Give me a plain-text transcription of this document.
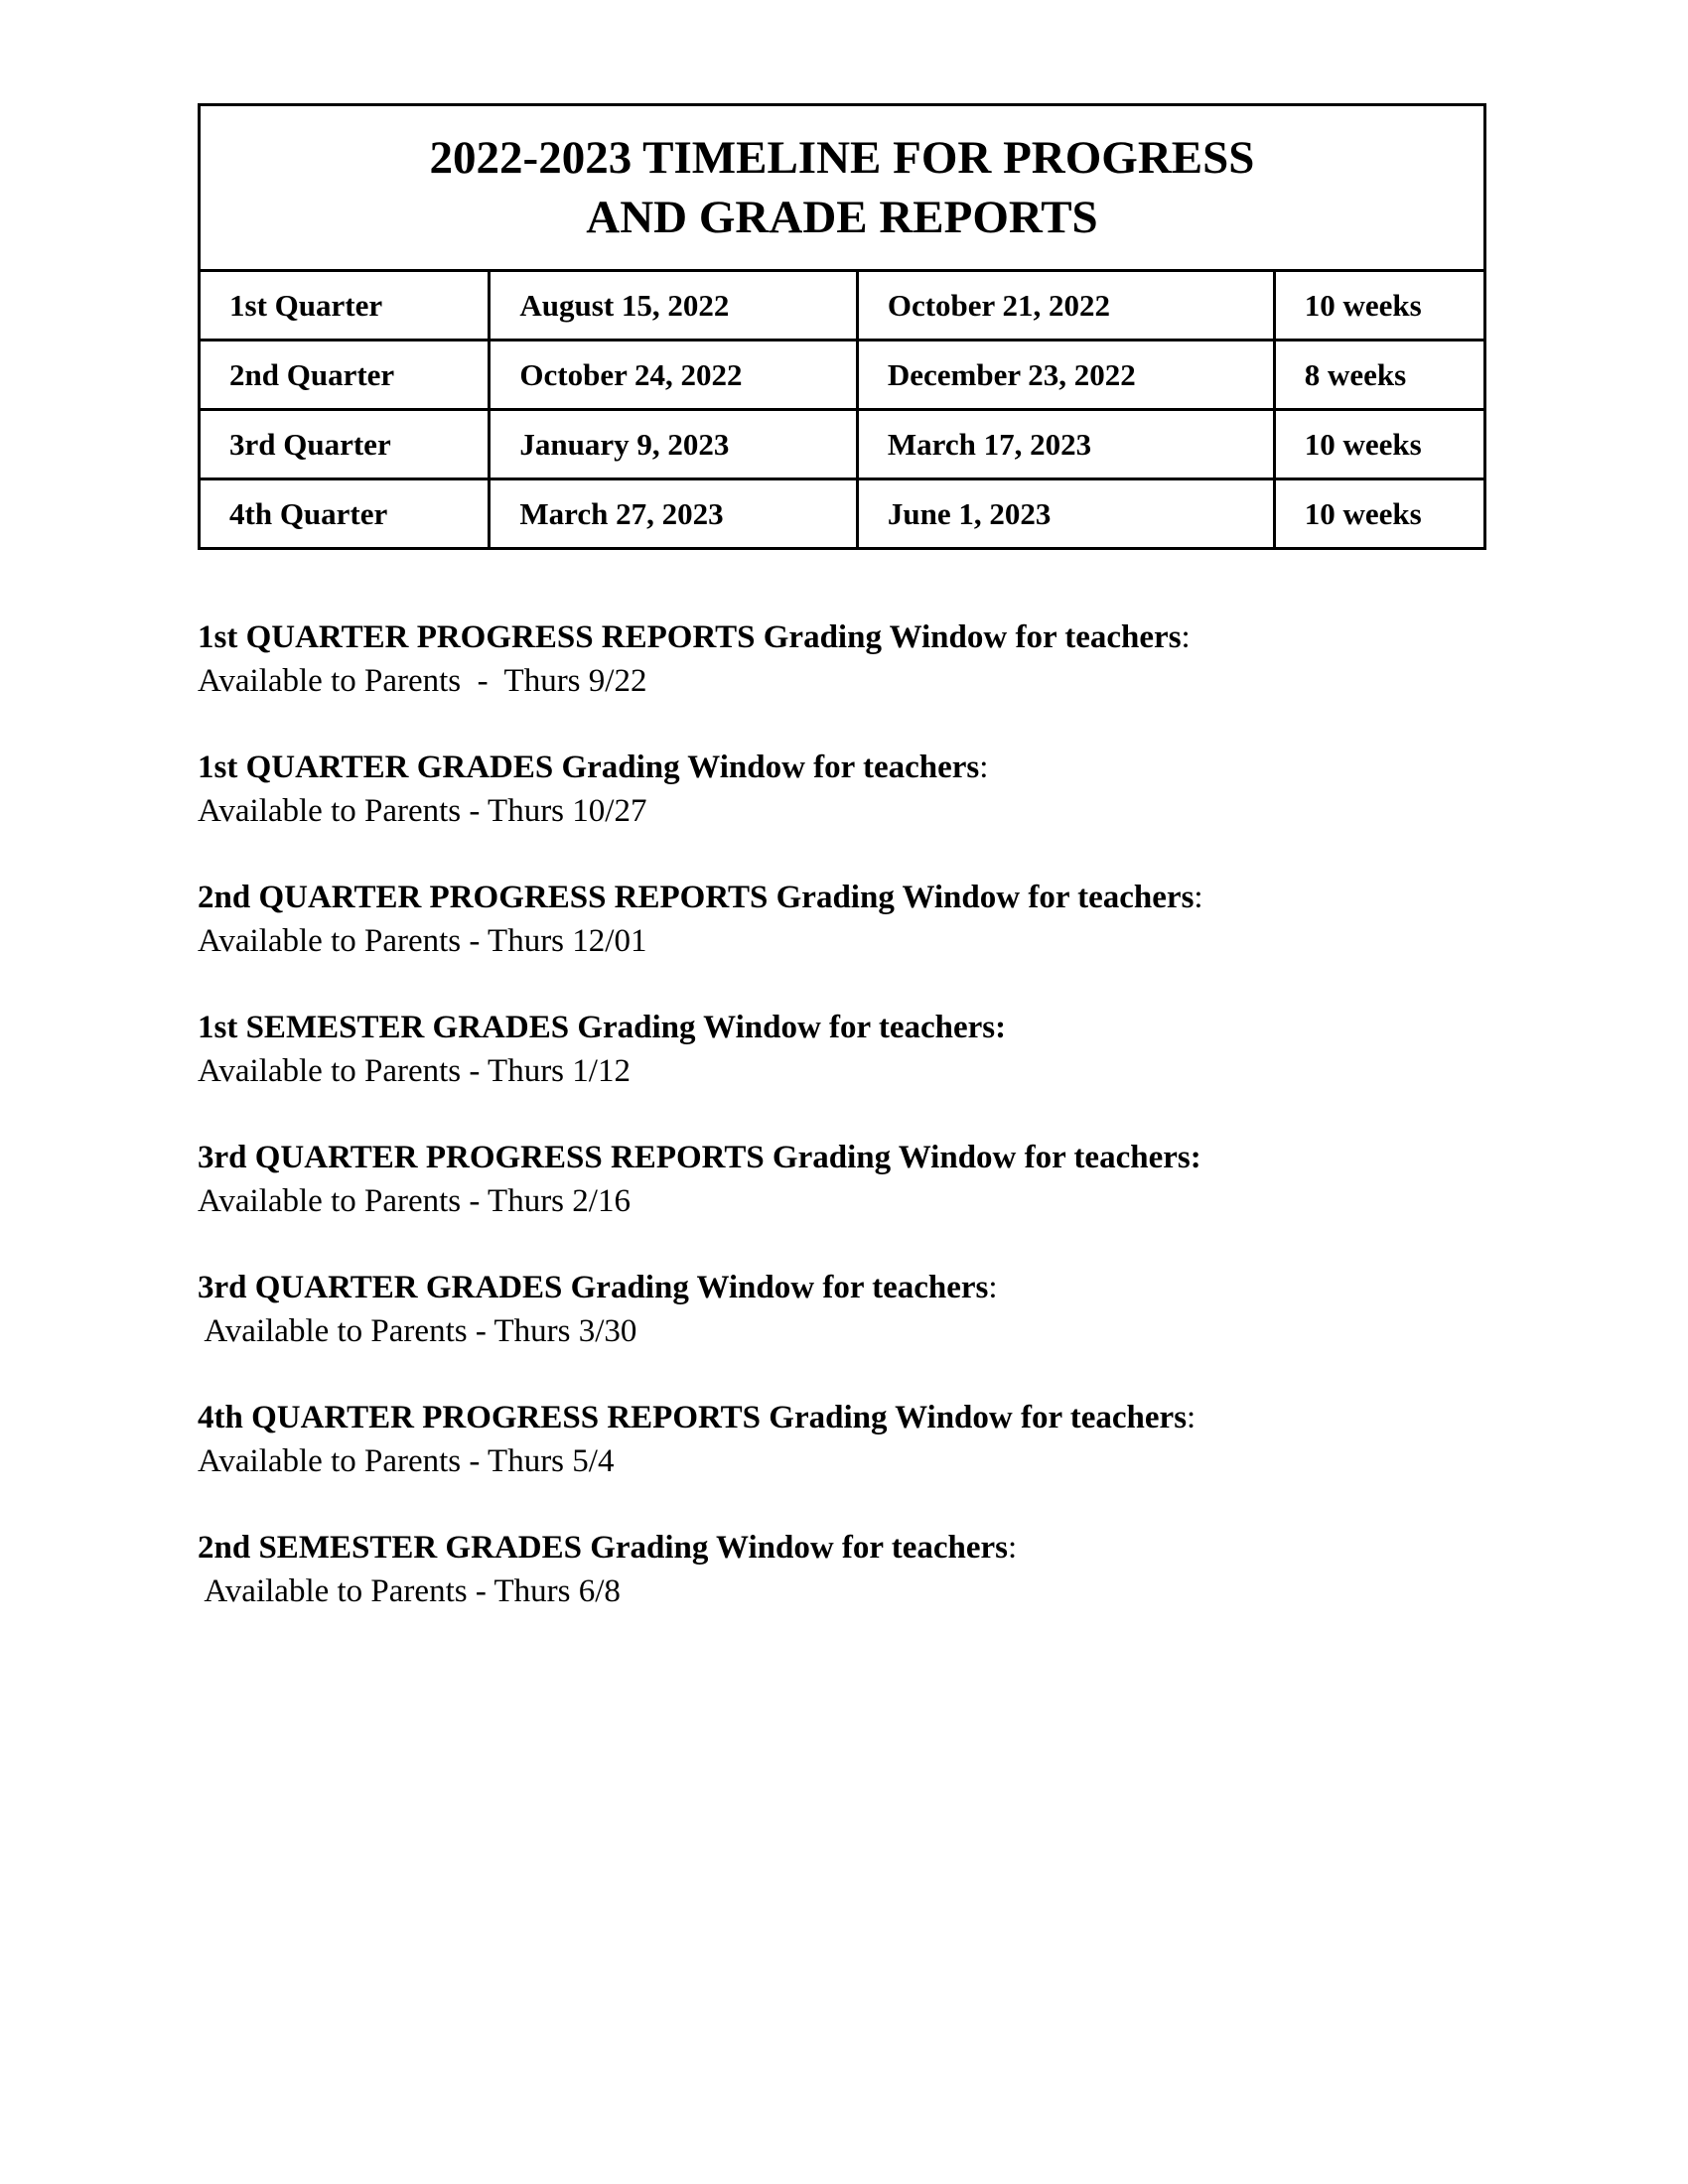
2022-2023 TIMELINE FOR PROGRESS
AND GRADE REPORTS			

1st Quarter	August 15, 2022	October 21, 2022	10 weeks
2nd Quarter	October 24, 2022	December 23, 2022	8 weeks
3rd Quarter	January 9, 2023	March 17, 2023	10 weeks
4th Quarter	March 27, 2023	June 1, 2023	10 weeks
1st QUARTER PROGRESS REPORTS Grading Window for teachers:
Available to Parents  -  Thurs 9/22
1st QUARTER GRADES Grading Window for teachers:
Available to Parents - Thurs 10/27
2nd QUARTER PROGRESS REPORTS Grading Window for teachers:
Available to Parents - Thurs 12/01
1st SEMESTER GRADES Grading Window for teachers:
Available to Parents - Thurs 1/12
3rd QUARTER PROGRESS REPORTS Grading Window for teachers:
Available to Parents - Thurs 2/16
3rd QUARTER GRADES Grading Window for teachers:
Available to Parents - Thurs 3/30
4th QUARTER PROGRESS REPORTS Grading Window for teachers:
Available to Parents - Thurs 5/4
2nd SEMESTER GRADES Grading Window for teachers:
Available to Parents - Thurs 6/8
